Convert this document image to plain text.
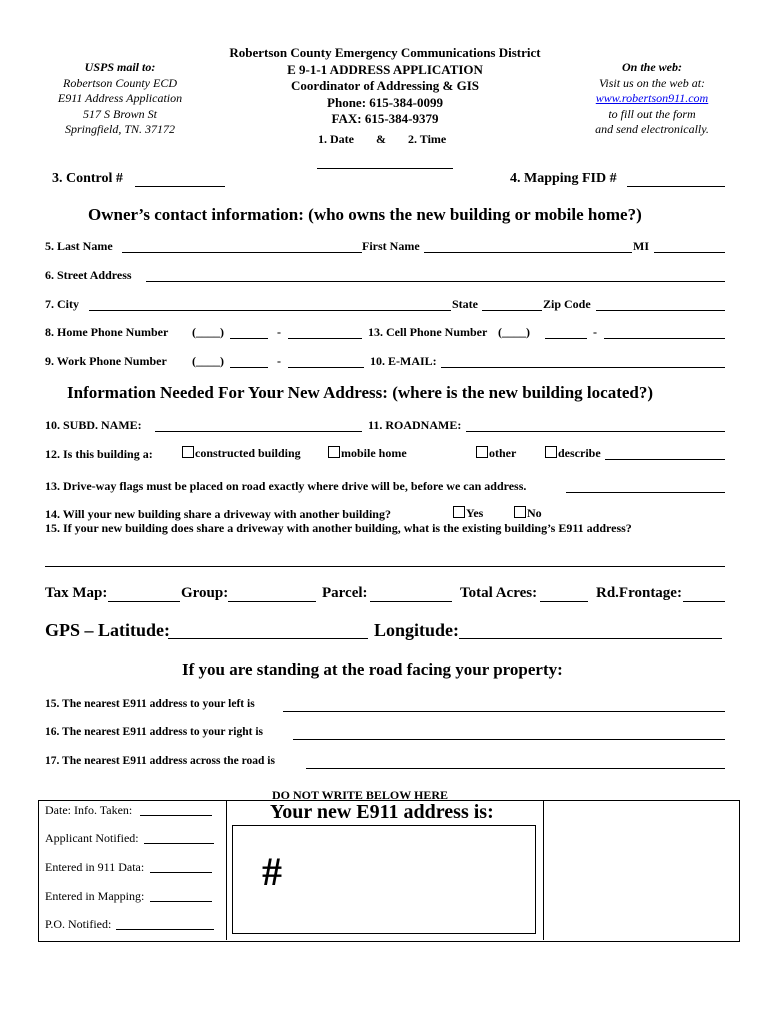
USPS mail to:
Robertson County ECD
E911 Address Application
517 S Brown St
Springfield, TN. 37172
Robertson County Emergency Communications District
E 9-1-1 ADDRESS APPLICATION
Coordinator of Addressing & GIS
Phone: 615-384-0099
FAX: 615-384-9379
1. Date & 2. Time
On the web:
Visit us on the web at:
www.robertson911.com
to fill out the form
and send electronically.
3. Control #	4. Mapping FID #
Owner’s contact information: (who owns the new building or mobile home?)
5. Last Name	First Name	MI
6. Street Address
7. City	State	Zip Code
8. Home Phone Number (____)	-	13. Cell Phone Number (____)	-
9. Work Phone Number (____)	-	10. E-MAIL:
Information Needed For Your New Address: (where is the new building located?)
10. SUBD. NAME:	11. ROADNAME:
12. Is this building a:	constructed building	mobile home	other	describe
13. Drive-way flags must be placed on road exactly where drive will be, before we can address.
14. Will your new building share a driveway with another building?	Yes	No
15. If your new building does share a driveway with another building, what is the existing building’s E911 address?
Tax Map:	Group:	Parcel:	Total Acres:	Rd.Frontage:
GPS – Latitude:	Longitude:
If you are standing at the road facing your property:
15. The nearest E911 address to your left is
16. The nearest E911 address to your right is
17. The nearest E911 address across the road is
DO NOT WRITE BELOW HERE
Date: Info. Taken:
Applicant Notified:
Entered in 911 Data:
Entered in Mapping:
P.O. Notified:
Your new E911 address is:
#
